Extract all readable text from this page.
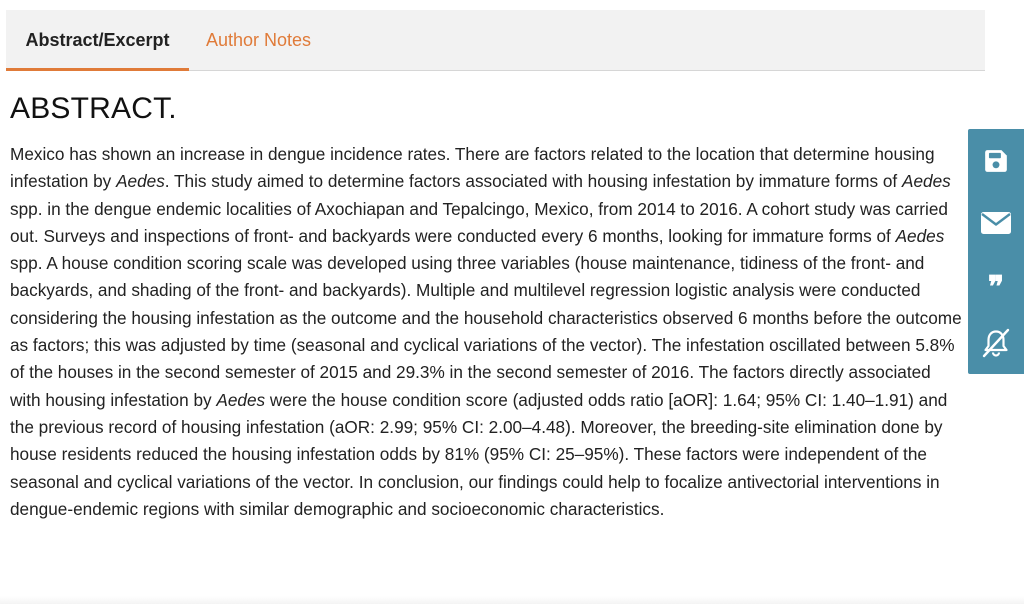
Abstract/Excerpt	Author Notes
ABSTRACT.

Mexico has shown an increase in dengue incidence rates. There are factors related to the location that determine housing infestation by Aedes. This study aimed to determine factors associated with housing infestation by immature forms of Aedes spp. in the dengue endemic localities of Axochiapan and Tepalcingo, Mexico, from 2014 to 2016. A cohort study was carried out. Surveys and inspections of front- and backyards were conducted every 6 months, looking for immature forms of Aedes spp. A house condition scoring scale was developed using three variables (house maintenance, tidiness of the front- and backyards, and shading of the front- and backyards). Multiple and multilevel regression logistic analysis were conducted considering the housing infestation as the outcome and the household characteristics observed 6 months before the outcome as factors; this was adjusted by time (seasonal and cyclical variations of the vector). The infestation oscillated between 5.8% of the houses in the second semester of 2015 and 29.3% in the second semester of 2016. The factors directly associated with housing infestation by Aedes were the house condition score (adjusted odds ratio [aOR]: 1.64; 95% CI: 1.40–1.91) and the previous record of housing infestation (aOR: 2.99; 95% CI: 2.00–4.48). Moreover, the breeding-site elimination done by house residents reduced the housing infestation odds by 81% (95% CI: 25–95%). These factors were independent of the seasonal and cyclical variations of the vector. In conclusion, our findings could help to focalize antivectorial interventions in dengue-endemic regions with similar demographic and socioeconomic characteristics.

❞
